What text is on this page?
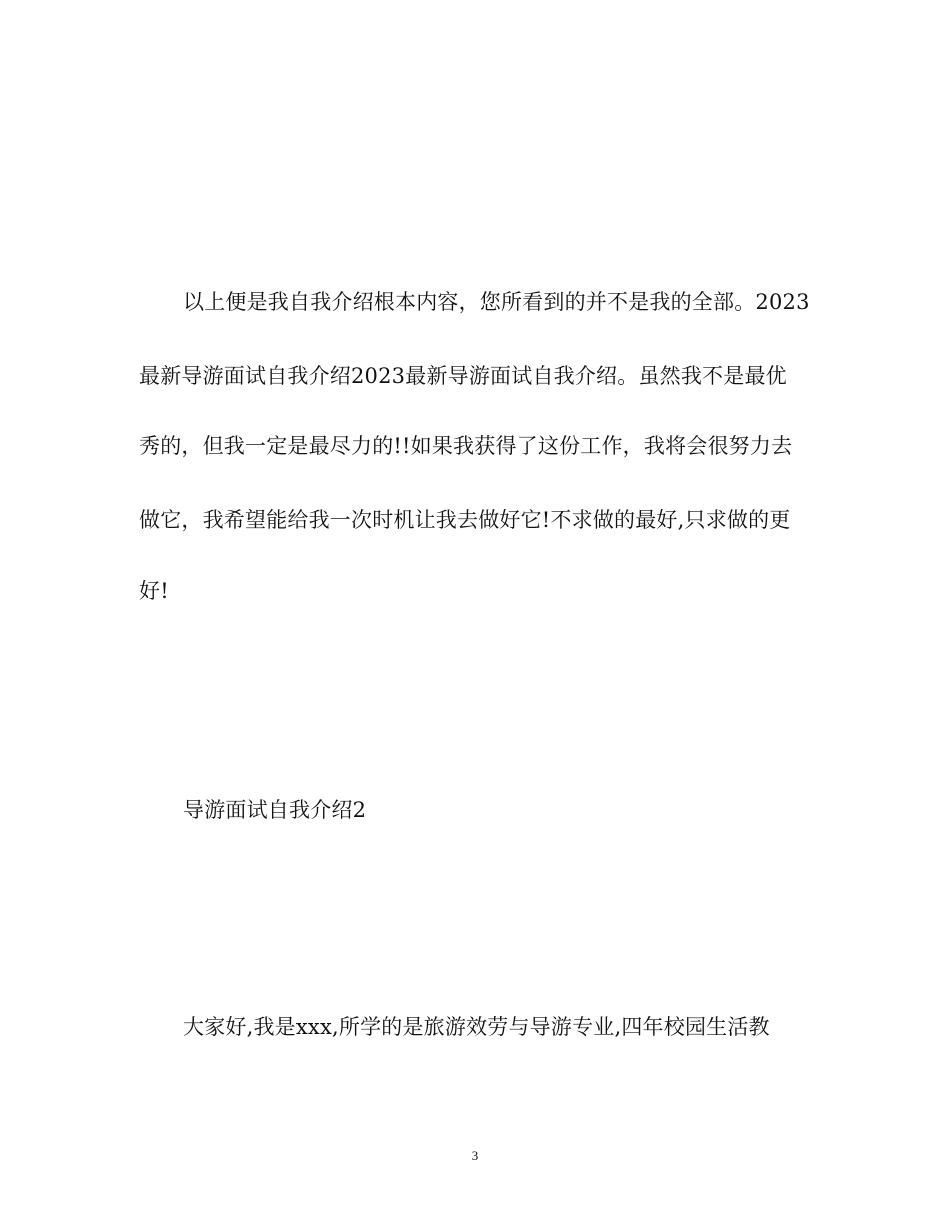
以上便是我自我介绍根本内容，您所看到的并不是我的全部。2023
最新导游面试自我介绍2023最新导游面试自我介绍。虽然我不是最优
秀的，但我一定是最尽力的!!如果我获得了这份工作，我将会很努力去
做它，我希望能给我一次时机让我去做好它!不求做的最好,只求做的更
好!
导游面试自我介绍2
大家好,我是xxx,所学的是旅游效劳与导游专业,四年校园生活教
3
